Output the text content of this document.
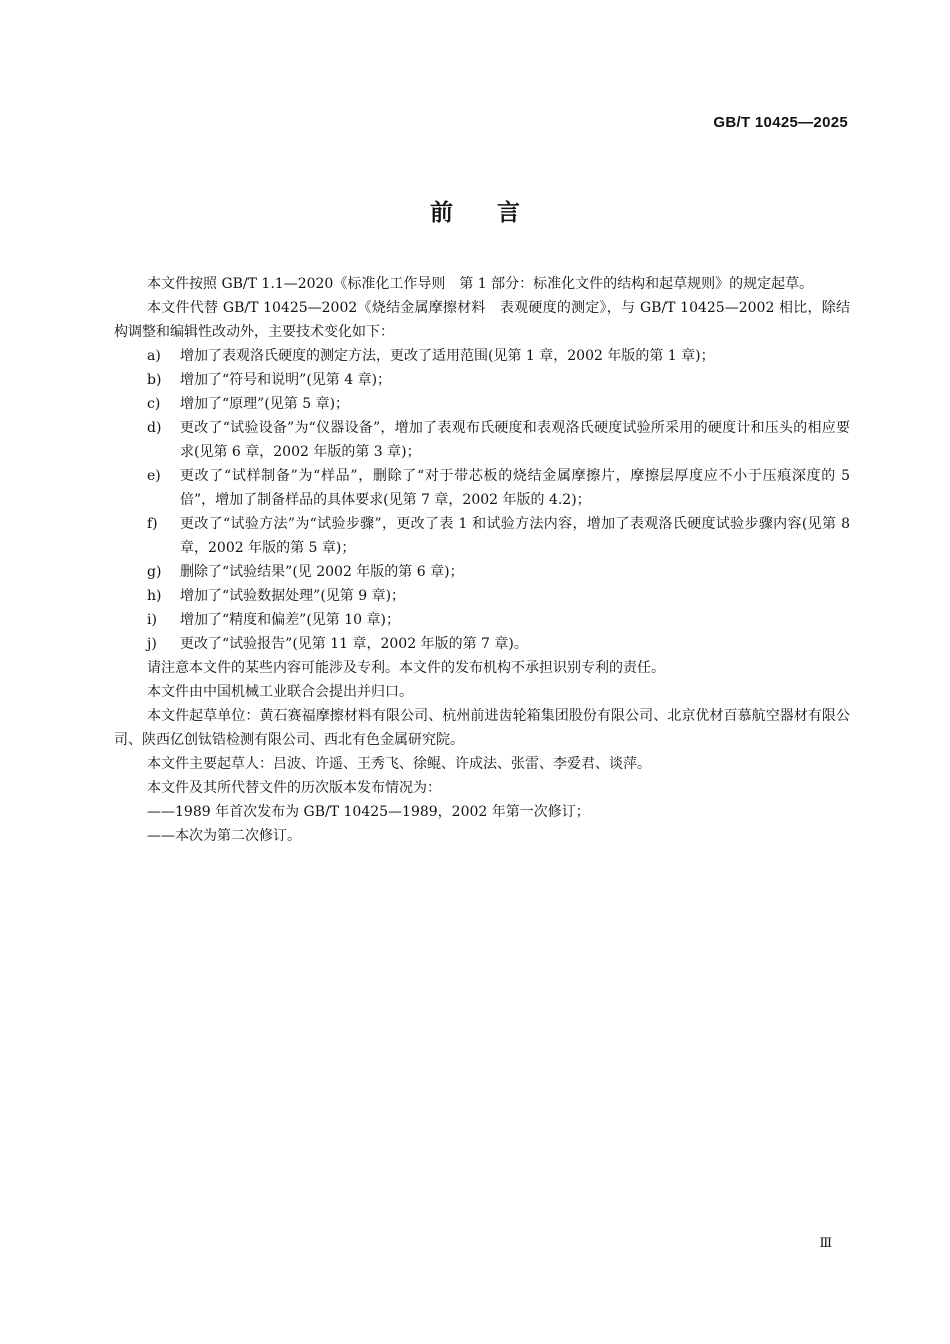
GB/T 10425—2025
前言

本文件按照 GB/T 1.1—2020《标准化工作导则　第 1 部分：标准化文件的结构和起草规则》的规定起草。

本文件代替 GB/T 10425—2002《烧结金属摩擦材料　表观硬度的测定》，与 GB/T 10425—2002 相比，除结构调整和编辑性改动外，主要技术变化如下：

a) 增加了表观洛氏硬度的测定方法，更改了适用范围(见第 1 章，2002 年版的第 1 章)；
b) 增加了“符号和说明”(见第 4 章)；
c) 增加了“原理”(见第 5 章)；
d) 更改了“试验设备”为“仪器设备”，增加了表观布氏硬度和表观洛氏硬度试验所采用的硬度计和压头的相应要求(见第 6 章，2002 年版的第 3 章)；
e) 更改了“试样制备”为“样品”，删除了“对于带芯板的烧结金属摩擦片，摩擦层厚度应不小于压痕深度的 5 倍”，增加了制备样品的具体要求(见第 7 章，2002 年版的 4.2)；
f) 更改了“试验方法”为“试验步骤”，更改了表 1 和试验方法内容，增加了表观洛氏硬度试验步骤内容(见第 8 章，2002 年版的第 5 章)；
g) 删除了“试验结果”(见 2002 年版的第 6 章)；
h) 增加了“试验数据处理”(见第 9 章)；
i) 增加了“精度和偏差”(见第 10 章)；
j) 更改了“试验报告”(见第 11 章，2002 年版的第 7 章)。

请注意本文件的某些内容可能涉及专利。本文件的发布机构不承担识别专利的责任。

本文件由中国机械工业联合会提出并归口。

本文件起草单位：黄石赛福摩擦材料有限公司、杭州前进齿轮箱集团股份有限公司、北京优材百慕航空器材有限公司、陕西亿创钛锆检测有限公司、西北有色金属研究院。

本文件主要起草人：吕波、许遥、王秀飞、徐鲲、许成法、张雷、李爱君、谈萍。

本文件及其所代替文件的历次版本发布情况为：

——1989 年首次发布为 GB/T 10425—1989，2002 年第一次修订；

——本次为第二次修订。

Ⅲ
